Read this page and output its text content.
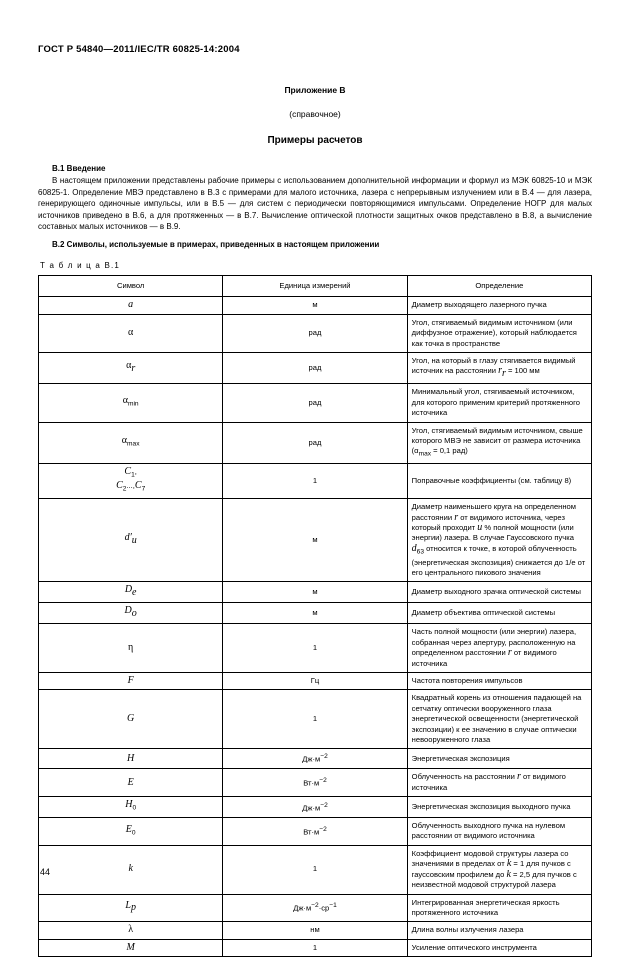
ГОСТ Р 54840—2011/IEC/TR 60825-14:2004
Приложение В
(справочное)
Примеры расчетов
В.1 Введение

В настоящем приложении представлены рабочие примеры с использованием дополнительной информации и формул из МЭК 60825-10 и МЭК 60825-1. Определение МВЭ представлено в В.3 с примерами для малого источника, лазера с непрерывным излучением или в В.4 — для лазера, генерирующего одиночные импульсы, или в В.5 — для систем с периодически повторяющимися импульсами. Определение НОГР для малых источников приведено в В.6, а для протяженных — в В.7. Вычисление оптической плотности защитных очков представлено в В.8, а вычисление составных малых источников — в В.9.

В.2 Символы, используемые в примерах, приведенных в настоящем приложении
Т а б л и ц а В.1
Символ	Единица измерений	Определение
a	м	Диаметр выходящего лазерного пучка
α	рад	Угол, стягиваемый видимым источником (или диффузное отражение), который наблюдается как точка в пространстве
$\alpha_r$	рад	Угол, на который в глазу стягивается видимый источник на расстоянии $r_r = 100$ мм
$\alpha_{min}$	рад	Минимальный угол, стягиваемый источником, для которого применим критерий протяженного источника
$\alpha_{max}$	рад	Угол, стягиваемый видимым источником, свыше которого МВЭ не зависит от размера источника ($\alpha_{max} = 0,1$ рад)
$C_1$,
$C_2...,C_7$	1	Поправочные коэффициенты (см. таблицу 8)
$d'_u$	м	Диаметр наименьшего круга на определенном расстоянии r от видимого источника, через который проходит u % полной мощности (или энергии) лазера. В случае Гауссовского пучка $d_{63}$ относится к точке, в которой облученность (энергетическая экспозиция) снижается до 1/e от его центрального пикового значения
$D_e$	м	Диаметр выходного зрачка оптической системы
$D_o$	м	Диаметр объектива оптической системы
η	1	Часть полной мощности (или энергии) лазера, собранная через апертуру, расположенную на определенном расстоянии r от видимого источника
F	Гц	Частота повторения импульсов
G	1	Квадратный корень из отношения падающей на сетчатку оптически вооруженного глаза энергетической освещенности (энергетической экспозиции) к ее значению в случае оптически невооруженного глаза
H	$Дж\cdot м^{-2}$	Энергетическая экспозиция
E	$Вт\cdot м^{-2}$	Облученность на расстоянии r от видимого источника
$H_0$	$Дж\cdot м^{-2}$	Энергетическая экспозиция выходного пучка
$E_0$	$Вт\cdot м^{-2}$	Облученность выходного пучка на нулевом расстоянии от видимого источника
k	1	Коэффициент модовой структуры лазера со значениями в пределах от k = 1 для пучков с гауссовским профилем до k = 2,5 для пучков с неизвестной модовой структурой лазера
$L_p$	$Дж\cdot м^{-2}\cdot ср^{-1}$	Интегрированная энергетическая яркость протяженного источника
λ	нм	Длина волны излучения лазера
M	1	Усиление оптического инструмента
44
